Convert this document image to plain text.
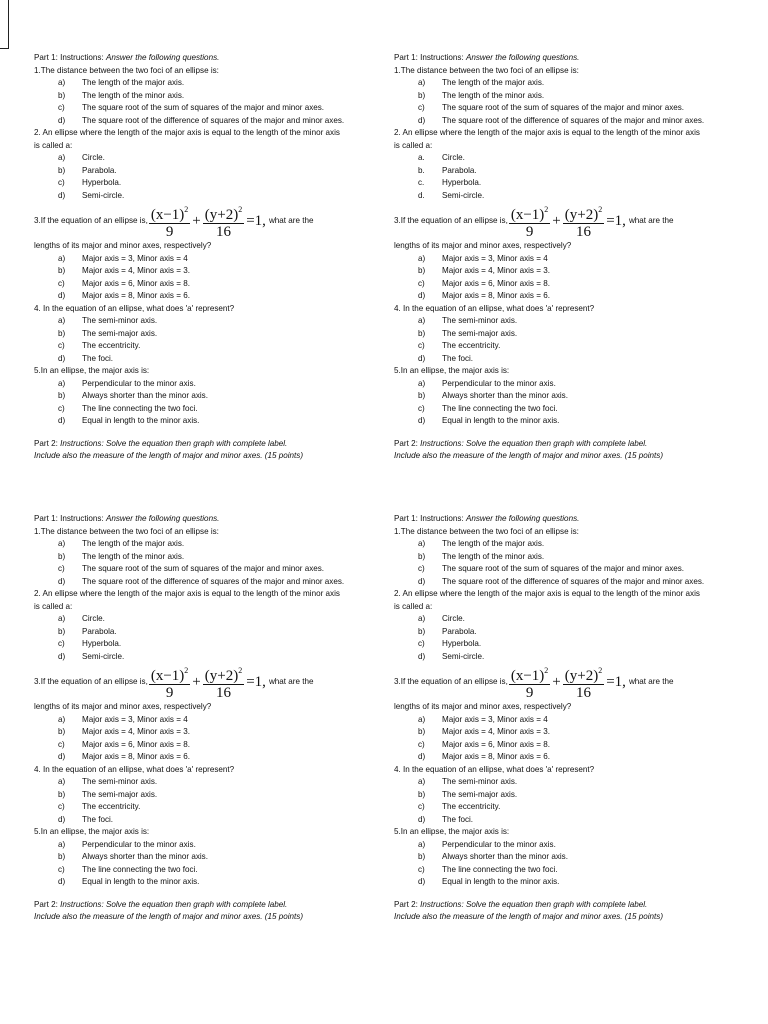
Part 1: Instructions: Answer the following questions.
1.The distance between the two foci of an ellipse is:
a)	The length of the major axis.
b)	The length of the minor axis.
c)	The square root of the sum of squares of the major and minor axes.
d)	The square root of the difference of squares of the major and minor axes.
2. An ellipse where the length of the major axis is equal to the length of the minor axis is called a:
a)	Circle.
b)	Parabola.
c)	Hyperbola.
d)	Semi-circle.
3.If the equation of an ellipse is, $\frac{(x-1)^2}{9} + \frac{(y+2)^2}{16} =1$, what are the
lengths of its major and minor axes, respectively?
a)	Major axis = 3, Minor axis = 4
b)	Major axis = 4, Minor axis = 3.
c)	Major axis = 6, Minor axis = 8.
d)	Major axis = 8, Minor axis = 6.
4. In the equation of an ellipse, what does 'a' represent?
a)	The semi-minor axis.
b)	The semi-major axis.
c)	The eccentricity.
d)	The foci.
5.In an ellipse, the major axis is:
a)	Perpendicular to the minor axis.
b)	Always shorter than the minor axis.
c)	The line connecting the two foci.
d)	Equal in length to the minor axis.
Part 2: Instructions: Solve the equation then graph with complete label.
Include also the measure of the length of major and minor axes. (15 points)
Part 1: Instructions: Answer the following questions.
1.The distance between the two foci of an ellipse is:
a)	The length of the major axis.
b)	The length of the minor axis.
c)	The square root of the sum of squares of the major and minor axes.
d)	The square root of the difference of squares of the major and minor axes.
2. An ellipse where the length of the major axis is equal to the length of the minor axis is called a:
a.	Circle.
b.	Parabola.
c.	Hyperbola.
d.	Semi-circle.
3.If the equation of an ellipse is, $\frac{(x-1)^2}{9} + \frac{(y+2)^2}{16} =1$, what are the
lengths of its major and minor axes, respectively?
a)	Major axis = 3, Minor axis = 4
b)	Major axis = 4, Minor axis = 3.
c)	Major axis = 6, Minor axis = 8.
d)	Major axis = 8, Minor axis = 6.
4. In the equation of an ellipse, what does 'a' represent?
a)	The semi-minor axis.
b)	The semi-major axis.
c)	The eccentricity.
d)	The foci.
5.In an ellipse, the major axis is:
a)	Perpendicular to the minor axis.
b)	Always shorter than the minor axis.
c)	The line connecting the two foci.
d)	Equal in length to the minor axis.
Part 2: Instructions: Solve the equation then graph with complete label.
Include also the measure of the length of major and minor axes. (15 points)
Part 1: Instructions: Answer the following questions.
1.The distance between the two foci of an ellipse is:
a)	The length of the major axis.
b)	The length of the minor axis.
c)	The square root of the sum of squares of the major and minor axes.
d)	The square root of the difference of squares of the major and minor axes.
2. An ellipse where the length of the major axis is equal to the length of the minor axis is called a:
a)	Circle.
b)	Parabola.
c)	Hyperbola.
d)	Semi-circle.
3.If the equation of an ellipse is, $\frac{(x-1)^2}{9} + \frac{(y+2)^2}{16} =1$, what are the
lengths of its major and minor axes, respectively?
a)	Major axis = 3, Minor axis = 4
b)	Major axis = 4, Minor axis = 3.
c)	Major axis = 6, Minor axis = 8.
d)	Major axis = 8, Minor axis = 6.
4. In the equation of an ellipse, what does 'a' represent?
a)	The semi-minor axis.
b)	The semi-major axis.
c)	The eccentricity.
d)	The foci.
5.In an ellipse, the major axis is:
a)	Perpendicular to the minor axis.
b)	Always shorter than the minor axis.
c)	The line connecting the two foci.
d)	Equal in length to the minor axis.
Part 2: Instructions: Solve the equation then graph with complete label.
Include also the measure of the length of major and minor axes. (15 points)
Part 1: Instructions: Answer the following questions.
1.The distance between the two foci of an ellipse is:
a)	The length of the major axis.
b)	The length of the minor axis.
c)	The square root of the sum of squares of the major and minor axes.
d)	The square root of the difference of squares of the major and minor axes.
2. An ellipse where the length of the major axis is equal to the length of the minor axis is called a:
a)	Circle.
b)	Parabola.
c)	Hyperbola.
d)	Semi-circle.
3.If the equation of an ellipse is, $\frac{(x-1)^2}{9} + \frac{(y+2)^2}{16} =1$, what are the
lengths of its major and minor axes, respectively?
a)	Major axis = 3, Minor axis = 4
b)	Major axis = 4, Minor axis = 3.
c)	Major axis = 6, Minor axis = 8.
d)	Major axis = 8, Minor axis = 6.
4. In the equation of an ellipse, what does 'a' represent?
a)	The semi-minor axis.
b)	The semi-major axis.
c)	The eccentricity.
d)	The foci.
5.In an ellipse, the major axis is:
a)	Perpendicular to the minor axis.
b)	Always shorter than the minor axis.
c)	The line connecting the two foci.
d)	Equal in length to the minor axis.
Part 2: Instructions: Solve the equation then graph with complete label.
Include also the measure of the length of major and minor axes. (15 points)
